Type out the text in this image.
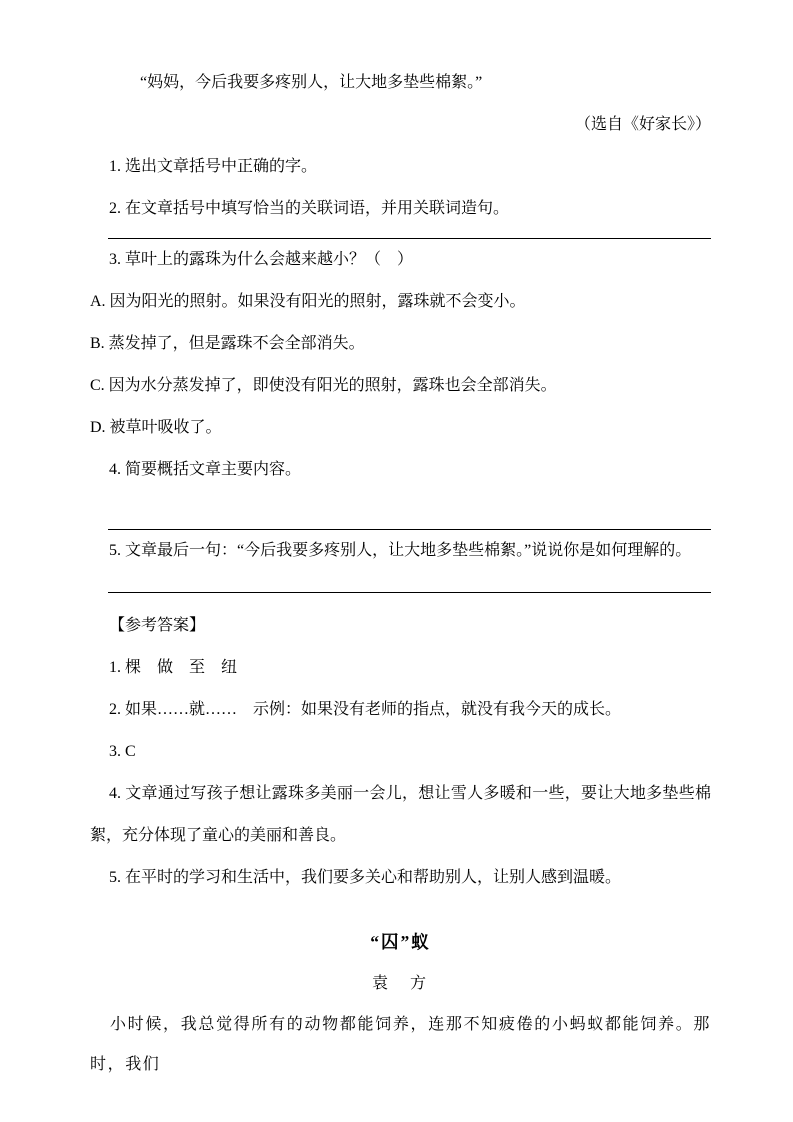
“妈妈，今后我要多疼别人，让大地多垫些棉絮。”

（选自《好家长》）

1. 选出文章括号中正确的字。

2. 在文章括号中填写恰当的关联词语，并用关联词造句。

3. 草叶上的露珠为什么会越来越小？（　）

A. 因为阳光的照射。如果没有阳光的照射，露珠就不会变小。

B. 蒸发掉了，但是露珠不会全部消失。

C. 因为水分蒸发掉了，即使没有阳光的照射，露珠也会全部消失。

D. 被草叶吸收了。

4. 简要概括文章主要内容。

5. 文章最后一句：“今后我要多疼别人，让大地多垫些棉絮。”说说你是如何理解的。

【参考答案】

1. 棵　做　至　纽

2. 如果……就……　示例：如果没有老师的指点，就没有我今天的成长。

3. C

4. 文章通过写孩子想让露珠多美丽一会儿，想让雪人多暖和一些，要让大地多垫些棉絮，充分体现了童心的美丽和善良。

5. 在平时的学习和生活中，我们要多关心和帮助别人，让别人感到温暖。

“囚”蚁

袁　方

小时候，我总觉得所有的动物都能饲养，连那不知疲倦的小蚂蚁都能饲养。那时，我们
